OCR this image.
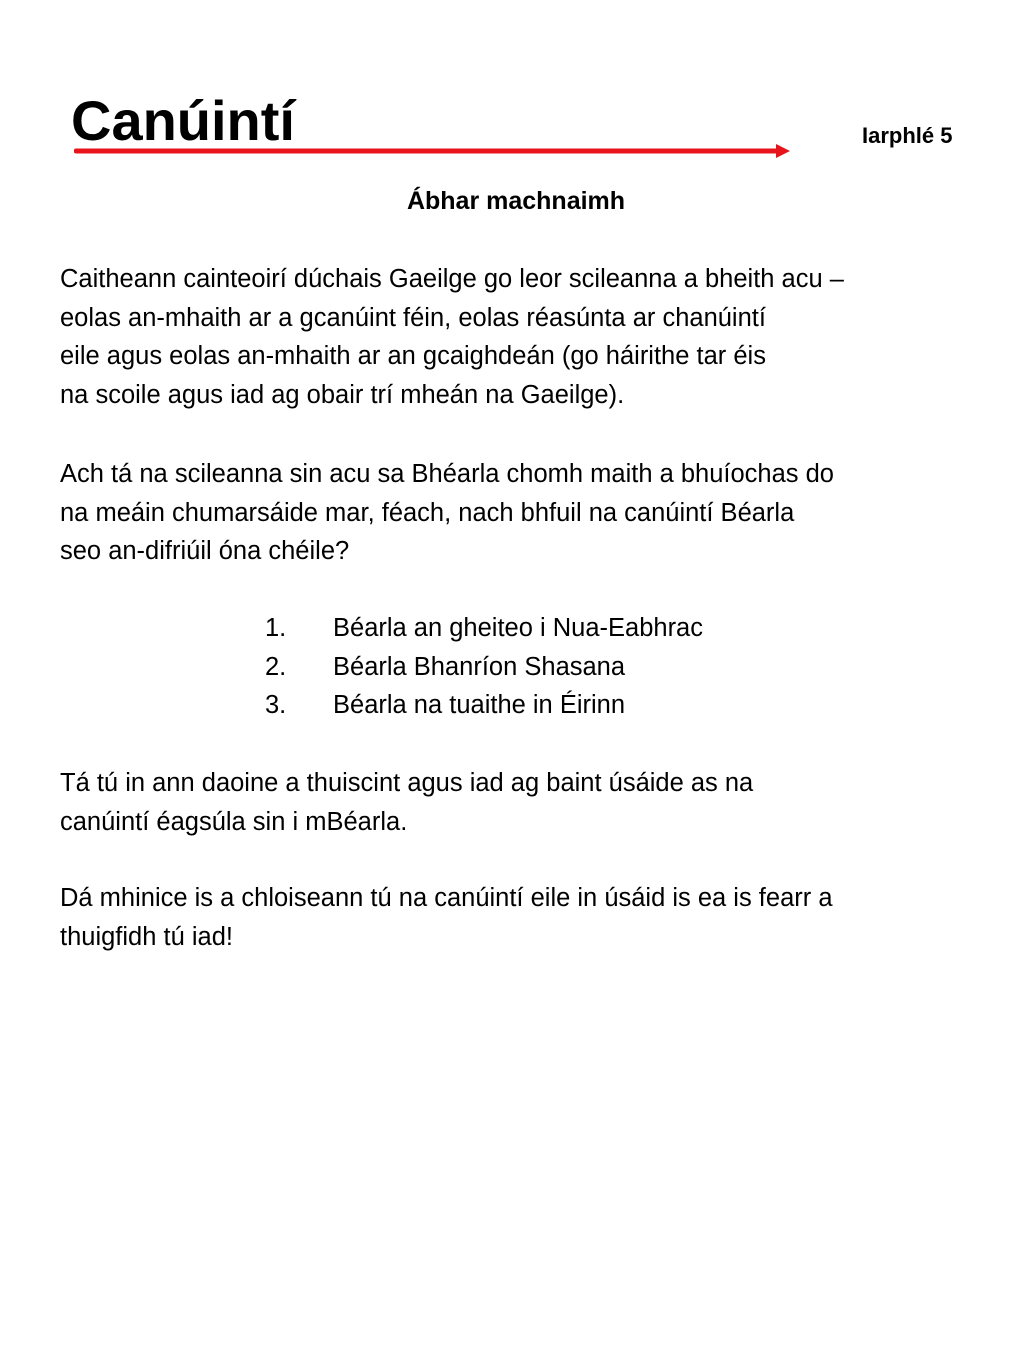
Canúintí	Iarphlé 5
Ábhar machnaimh

Caitheann cainteoirí dúchais Gaeilge go leor scileanna a bheith acu –
eolas an-mhaith ar a gcanúint féin, eolas réasúnta ar chanúintí
eile agus eolas an-mhaith ar an gcaighdeán (go háirithe tar éis
na scoile agus iad ag obair trí mheán na Gaeilge).

Ach tá na scileanna sin acu sa Bhéarla chomh maith a bhuíochas do
na meáin chumarsáide mar, féach, nach bhfuil na canúintí Béarla
seo an-difriúil óna chéile?

1. Béarla an gheiteo i Nua-Eabhrac
2. Béarla Bhanríon Shasana
3. Béarla na tuaithe in Éirinn

Tá tú in ann daoine a thuiscint agus iad ag baint úsáide as na
canúintí éagsúla sin i mBéarla.

Dá mhinice is a chloiseann tú na canúintí eile in úsáid is ea is fearr a
thuigfidh tú iad!
